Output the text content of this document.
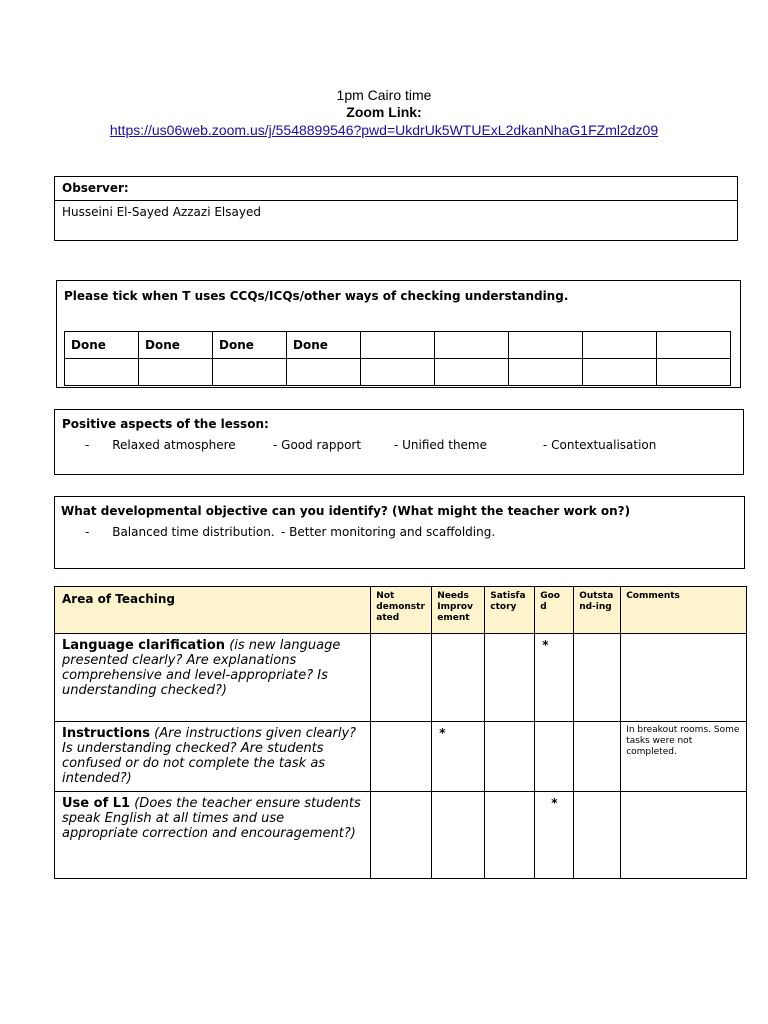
1pm Cairo time
Zoom Link:
https://us06web.zoom.us/j/5548899546?pwd=UkdrUk5WTUExL2dkanNhaG1FZml2dz09
Observer:
Husseini El-Sayed Azzazi Elsayed
Please tick when T uses CCQs/ICQs/other ways of checking understanding.
Done	Done	Done	Done					

Positive aspects of the lesson:
-      Relaxed atmosphere	- Good rapport	- Unified theme	- Contextualisation
What developmental objective can you identify? (What might the teacher work on?)
-      Balanced time distribution. - Better monitoring and scaffolding.
Area of Teaching	Not demonstr ated	Needs Improv ement	Satisfa ctory	Goo d	Outsta nd-ing	Comments
Language clarification (is new language presented clearly? Are explanations comprehensive and level-appropriate? Is understanding checked?)				*		
Instructions (Are instructions given clearly? Is understanding checked? Are students confused or do not complete the task as intended?)		*				In breakout rooms. Some tasks were not completed.
Use of L1 (Does the teacher ensure students speak English at all times and use appropriate correction and encouragement?)				*		
